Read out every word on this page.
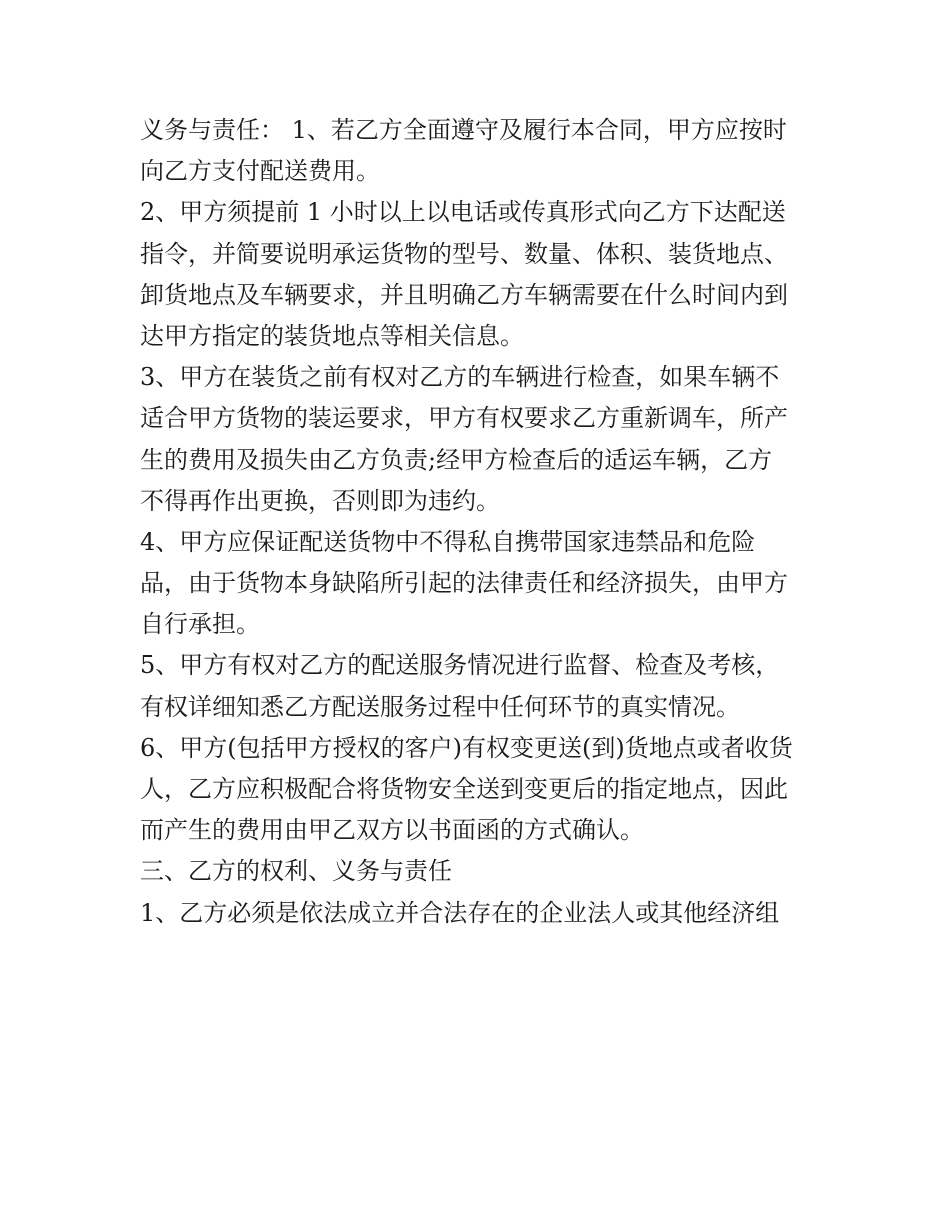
义务与责任： 1、若乙方全面遵守及履行本合同，甲方应按时
向乙方支付配送费用。
2、甲方须提前 1 小时以上以电话或传真形式向乙方下达配送
指令，并简要说明承运货物的型号、数量、体积、装货地点、
卸货地点及车辆要求，并且明确乙方车辆需要在什么时间内到
达甲方指定的装货地点等相关信息。
3、甲方在装货之前有权对乙方的车辆进行检查，如果车辆不
适合甲方货物的装运要求，甲方有权要求乙方重新调车，所产
生的费用及损失由乙方负责;经甲方检查后的适运车辆，乙方
不得再作出更换，否则即为违约。
4、甲方应保证配送货物中不得私自携带国家违禁品和危险
品，由于货物本身缺陷所引起的法律责任和经济损失，由甲方
自行承担。
5、甲方有权对乙方的配送服务情况进行监督、检查及考核，
有权详细知悉乙方配送服务过程中任何环节的真实情况。
6、甲方(包括甲方授权的客户)有权变更送(到)货地点或者收货
人，乙方应积极配合将货物安全送到变更后的指定地点，因此
而产生的费用由甲乙双方以书面函的方式确认。
三、乙方的权利、义务与责任
1、乙方必须是依法成立并合法存在的企业法人或其他经济组
